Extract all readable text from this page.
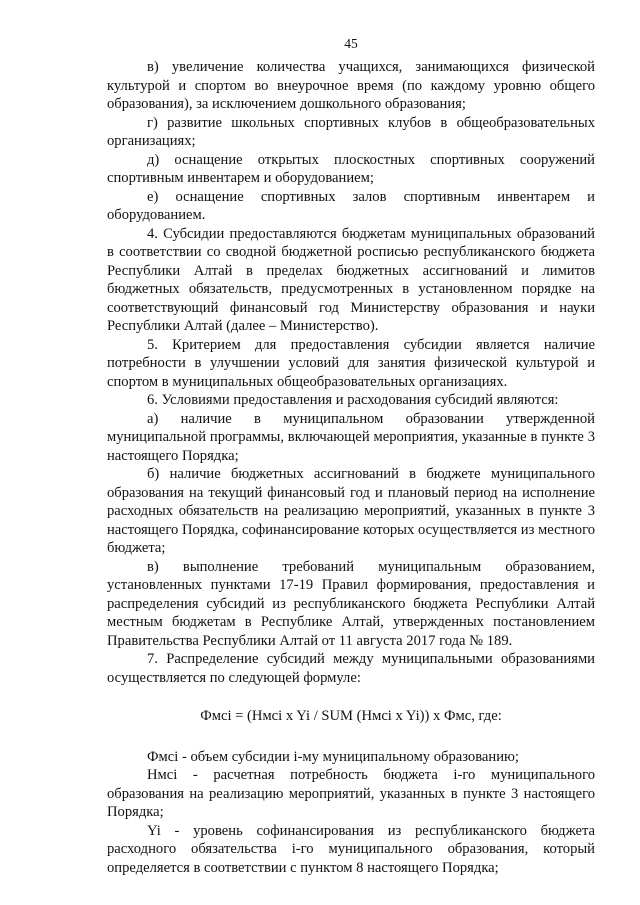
45

в) увеличение количества учащихся, занимающихся физической культурой и спортом во внеурочное время (по каждому уровню общего образования), за исключением дошкольного образования;

г) развитие школьных спортивных клубов в общеобразовательных организациях;

д) оснащение открытых плоскостных спортивных сооружений спортивным инвентарем и оборудованием;

е) оснащение спортивных залов спортивным инвентарем и оборудованием.

4. Субсидии предоставляются бюджетам муниципальных образований в соответствии со сводной бюджетной росписью республиканского бюджета Республики Алтай в пределах бюджетных ассигнований и лимитов бюджетных обязательств, предусмотренных в установленном порядке на соответствующий финансовый год Министерству образования и науки Республики Алтай (далее – Министерство).

5. Критерием для предоставления субсидии является наличие потребности в улучшении условий для занятия физической культурой и спортом в муниципальных общеобразовательных организациях.

6. Условиями предоставления и расходования субсидий являются:

а) наличие в муниципальном образовании утвержденной муниципальной программы, включающей мероприятия, указанные в пункте 3 настоящего Порядка;

б) наличие бюджетных ассигнований в бюджете муниципального образования на текущий финансовый год и плановый период на исполнение расходных обязательств на реализацию мероприятий, указанных в пункте 3 настоящего Порядка, софинансирование которых осуществляется из местного бюджета;

в) выполнение требований муниципальным образованием, установленных пунктами 17-19 Правил формирования, предоставления и распределения субсидий из республиканского бюджета Республики Алтай местным бюджетам в Республике Алтай, утвержденных постановлением Правительства Республики Алтай от 11 августа 2017 года № 189.

7. Распределение субсидий между муниципальными образованиями осуществляется по следующей формуле:

Фмсi = (Нмсi x Yi / SUM (Нмсi x Yi)) x Фмс, где:

Фмсi - объем субсидии i-му муниципальному образованию;

Нмсi - расчетная потребность бюджета i-го муниципального образования на реализацию мероприятий, указанных в пункте 3 настоящего Порядка;

Yi - уровень софинансирования из республиканского бюджета расходного обязательства i-го муниципального образования, который определяется в соответствии с пунктом 8 настоящего Порядка;
